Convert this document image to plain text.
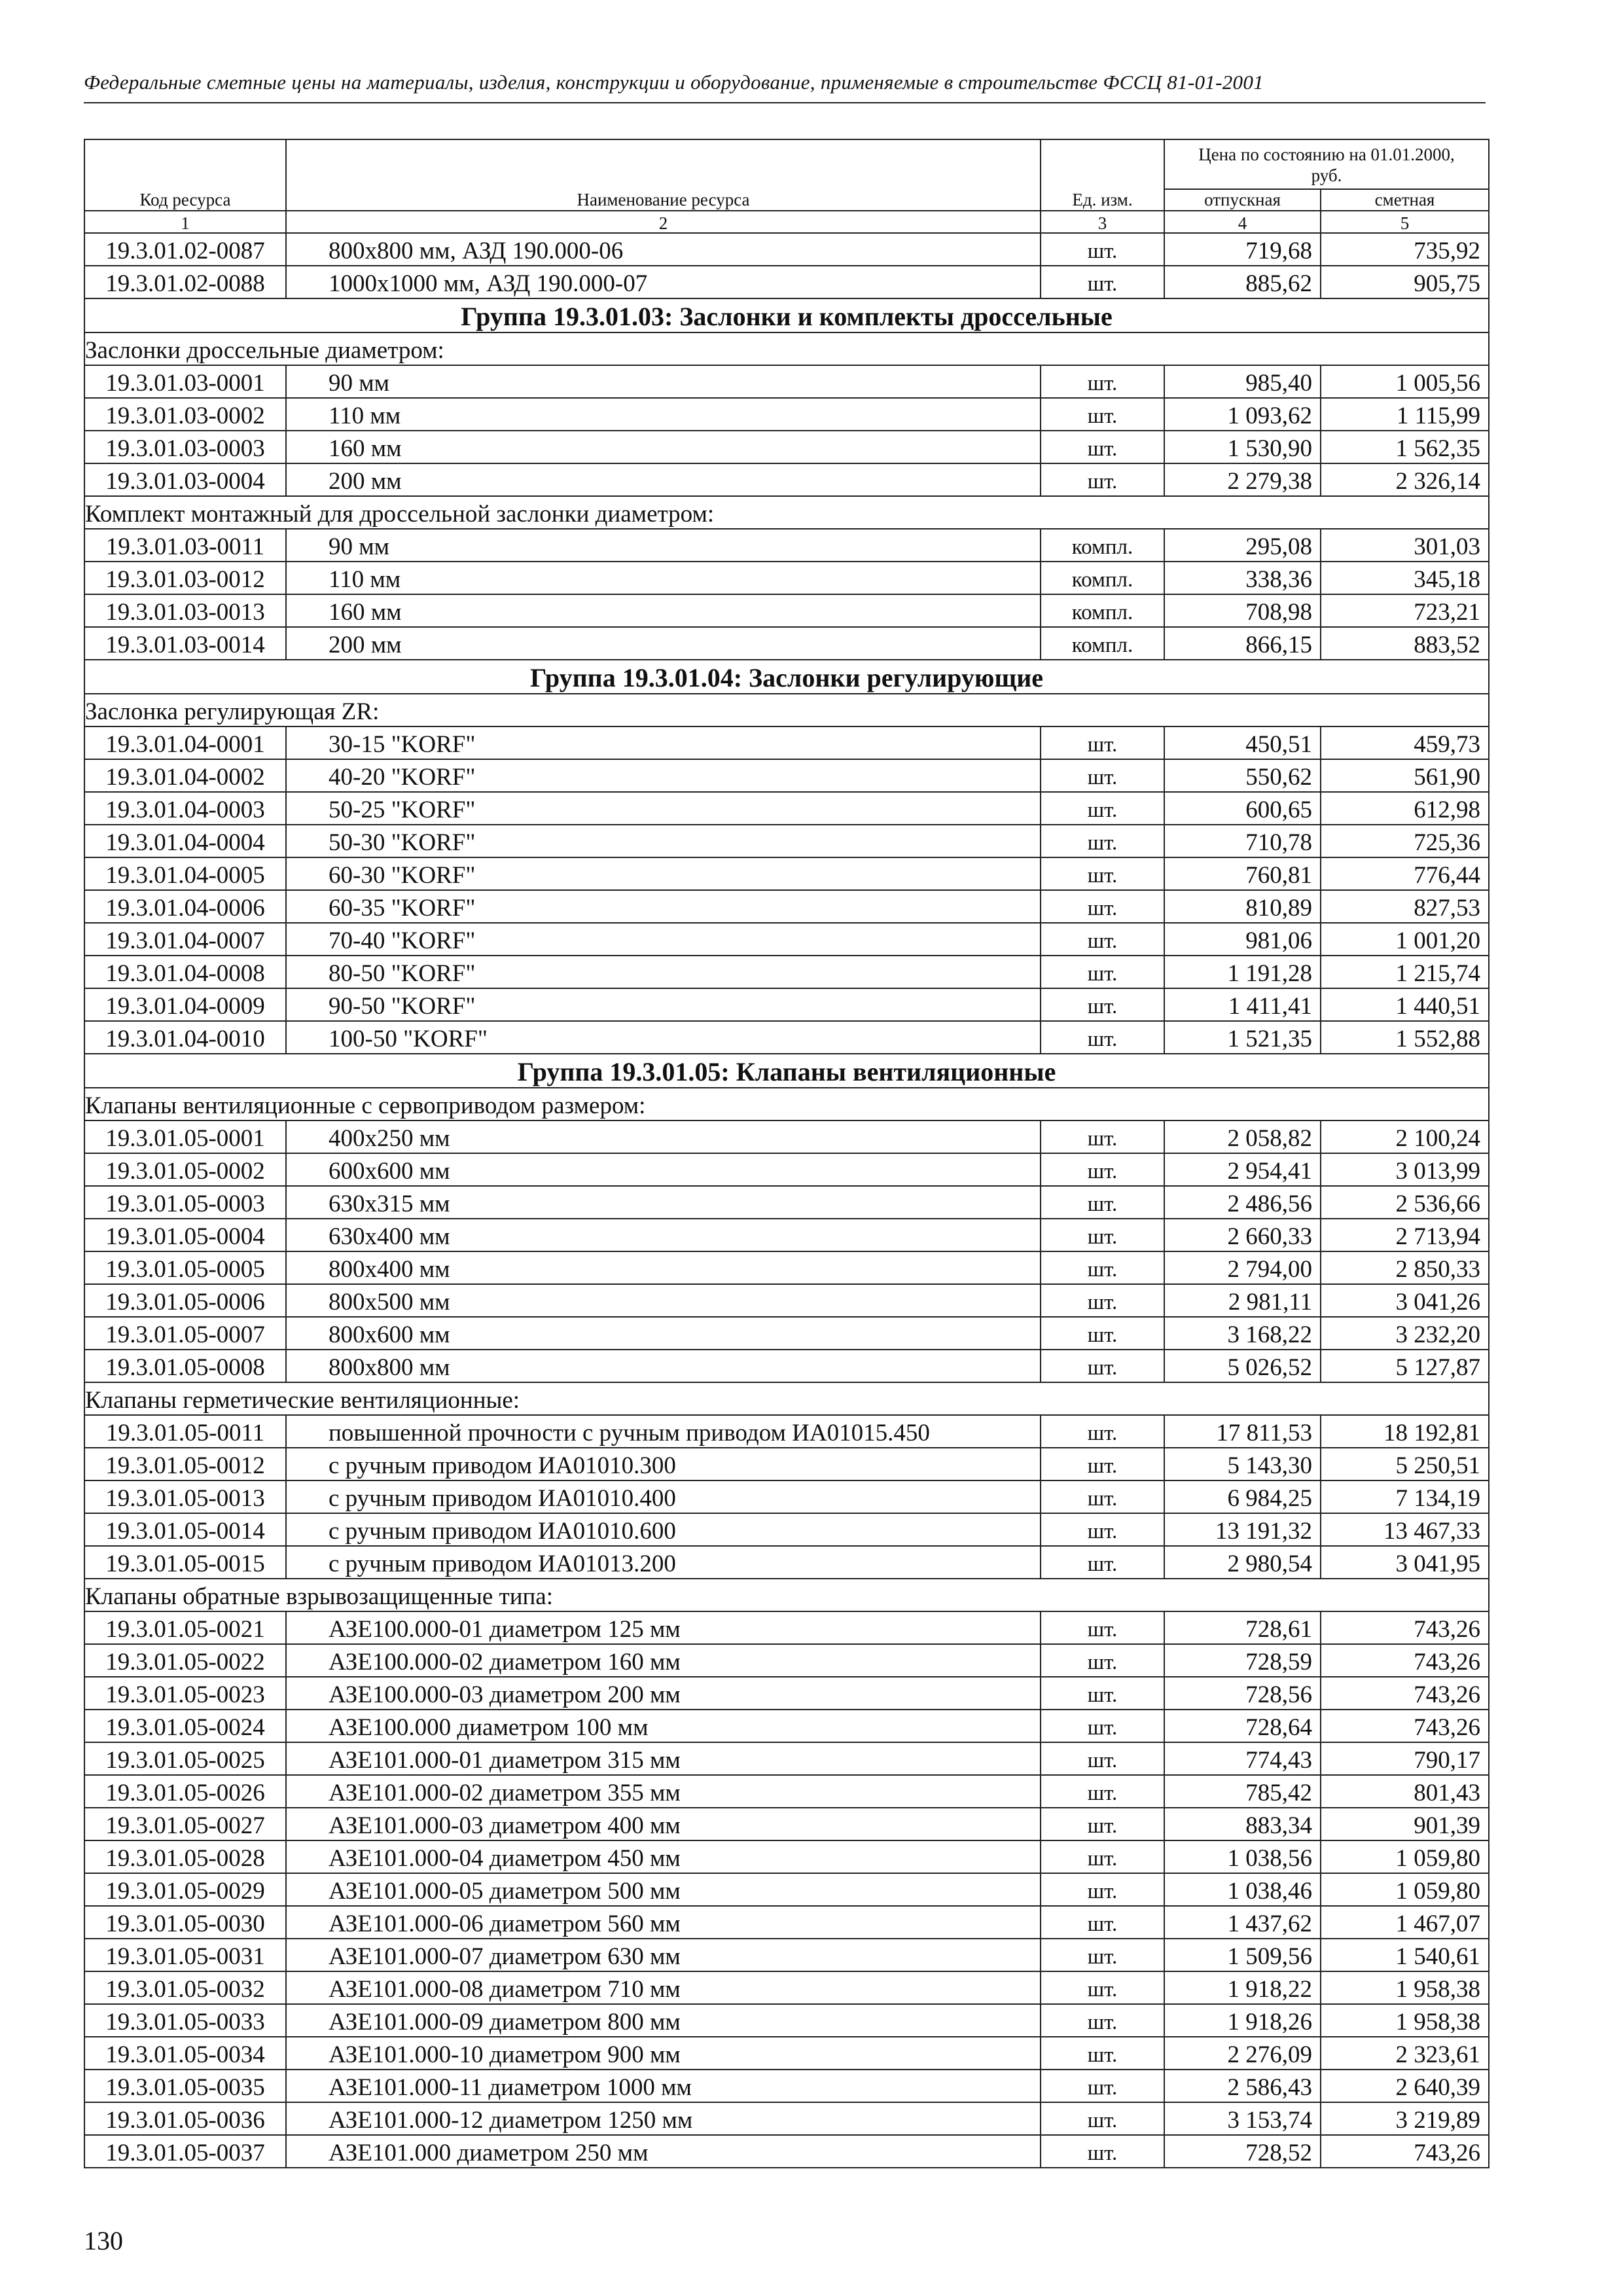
Федеральные сметные цены на материалы, изделия, конструкции и оборудование, применяемые в строительстве ФССЦ 81-01-2001
Код ресурса	Наименование ресурса	Ед. изм.	Цена по состоянию на 01.01.2000, руб.	
			отпускная	сметная
1	2	3	4	5
19.3.01.02-0087	800x800 мм, АЗД 190.000-06	шт.	719,68	735,92
19.3.01.02-0088	1000x1000 мм, АЗД 190.000-07	шт.	885,62	905,75
Группа 19.3.01.03: Заслонки и комплекты дроссельные				
Заслонки дроссельные диаметром:				
19.3.01.03-0001	90 мм	шт.	985,40	1 005,56
19.3.01.03-0002	110 мм	шт.	1 093,62	1 115,99
19.3.01.03-0003	160 мм	шт.	1 530,90	1 562,35
19.3.01.03-0004	200 мм	шт.	2 279,38	2 326,14
Комплект монтажный для дроссельной заслонки диаметром:				
19.3.01.03-0011	90 мм	компл.	295,08	301,03
19.3.01.03-0012	110 мм	компл.	338,36	345,18
19.3.01.03-0013	160 мм	компл.	708,98	723,21
19.3.01.03-0014	200 мм	компл.	866,15	883,52
Группа 19.3.01.04: Заслонки регулирующие				
Заслонка регулирующая ZR:				
19.3.01.04-0001	30-15 "KORF"	шт.	450,51	459,73
19.3.01.04-0002	40-20 "KORF"	шт.	550,62	561,90
19.3.01.04-0003	50-25 "KORF"	шт.	600,65	612,98
19.3.01.04-0004	50-30 "KORF"	шт.	710,78	725,36
19.3.01.04-0005	60-30 "KORF"	шт.	760,81	776,44
19.3.01.04-0006	60-35 "KORF"	шт.	810,89	827,53
19.3.01.04-0007	70-40 "KORF"	шт.	981,06	1 001,20
19.3.01.04-0008	80-50 "KORF"	шт.	1 191,28	1 215,74
19.3.01.04-0009	90-50 "KORF"	шт.	1 411,41	1 440,51
19.3.01.04-0010	100-50 "KORF"	шт.	1 521,35	1 552,88
Группа 19.3.01.05: Клапаны вентиляционные				
Клапаны вентиляционные с сервоприводом размером:				
19.3.01.05-0001	400x250 мм	шт.	2 058,82	2 100,24
19.3.01.05-0002	600x600 мм	шт.	2 954,41	3 013,99
19.3.01.05-0003	630x315 мм	шт.	2 486,56	2 536,66
19.3.01.05-0004	630x400 мм	шт.	2 660,33	2 713,94
19.3.01.05-0005	800x400 мм	шт.	2 794,00	2 850,33
19.3.01.05-0006	800x500 мм	шт.	2 981,11	3 041,26
19.3.01.05-0007	800x600 мм	шт.	3 168,22	3 232,20
19.3.01.05-0008	800x800 мм	шт.	5 026,52	5 127,87
Клапаны герметические вентиляционные:				
19.3.01.05-0011	повышенной прочности с ручным приводом ИА01015.450	шт.	17 811,53	18 192,81
19.3.01.05-0012	с ручным приводом ИА01010.300	шт.	5 143,30	5 250,51
19.3.01.05-0013	с ручным приводом ИА01010.400	шт.	6 984,25	7 134,19
19.3.01.05-0014	с ручным приводом ИА01010.600	шт.	13 191,32	13 467,33
19.3.01.05-0015	с ручным приводом ИА01013.200	шт.	2 980,54	3 041,95
Клапаны обратные взрывозащищенные типа:				
19.3.01.05-0021	АЗЕ100.000-01 диаметром 125 мм	шт.	728,61	743,26
19.3.01.05-0022	АЗЕ100.000-02 диаметром 160 мм	шт.	728,59	743,26
19.3.01.05-0023	АЗЕ100.000-03 диаметром 200 мм	шт.	728,56	743,26
19.3.01.05-0024	АЗЕ100.000 диаметром 100 мм	шт.	728,64	743,26
19.3.01.05-0025	АЗЕ101.000-01 диаметром 315 мм	шт.	774,43	790,17
19.3.01.05-0026	АЗЕ101.000-02 диаметром 355 мм	шт.	785,42	801,43
19.3.01.05-0027	АЗЕ101.000-03 диаметром 400 мм	шт.	883,34	901,39
19.3.01.05-0028	АЗЕ101.000-04 диаметром 450 мм	шт.	1 038,56	1 059,80
19.3.01.05-0029	АЗЕ101.000-05 диаметром 500 мм	шт.	1 038,46	1 059,80
19.3.01.05-0030	АЗЕ101.000-06 диаметром 560 мм	шт.	1 437,62	1 467,07
19.3.01.05-0031	АЗЕ101.000-07 диаметром 630 мм	шт.	1 509,56	1 540,61
19.3.01.05-0032	АЗЕ101.000-08 диаметром 710 мм	шт.	1 918,22	1 958,38
19.3.01.05-0033	АЗЕ101.000-09 диаметром 800 мм	шт.	1 918,26	1 958,38
19.3.01.05-0034	АЗЕ101.000-10 диаметром 900 мм	шт.	2 276,09	2 323,61
19.3.01.05-0035	АЗЕ101.000-11 диаметром 1000 мм	шт.	2 586,43	2 640,39
19.3.01.05-0036	АЗЕ101.000-12 диаметром 1250 мм	шт.	3 153,74	3 219,89
19.3.01.05-0037	АЗЕ101.000 диаметром 250 мм	шт.	728,52	743,26
130
